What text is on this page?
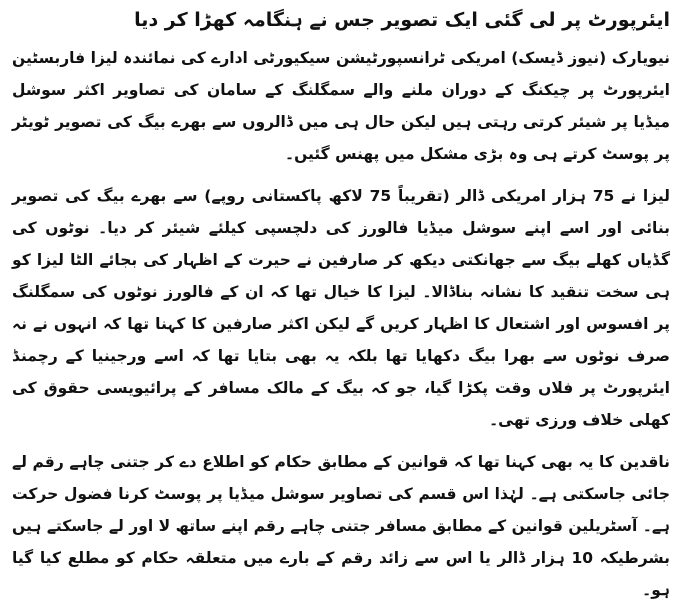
ایئرپورٹ پر لی گئی ایک تصویر جس نے ہنگامہ کھڑا کر دیا

نیویارک (نیوز ڈیسک) امریکی ٹرانسپورٹیشن سیکیورٹی ادارے کی نمائندہ لیزا فاربسٹین ایئرپورٹ پر چیکنگ کے دوران ملنے والے سمگلنگ کے سامان کی تصاویر اکثر سوشل میڈیا پر شیئر کرتی رہتی ہیں لیکن حال ہی میں ڈالروں سے بھرے بیگ کی تصویر ٹویٹر پر پوسٹ کرتے ہی وہ بڑی مشکل میں پھنس گئیں۔

لیزا نے 75 ہزار امریکی ڈالر (تقریباً 75 لاکھ پاکستانی روپے) سے بھرے بیگ کی تصویر بنائی اور اسے اپنے سوشل میڈیا فالورز کی دلچسپی کیلئے شیئر کر دیا۔ نوٹوں کی گڈیاں کھلے بیگ سے جھانکتی دیکھ کر صارفین نے حیرت کے اظہار کی بجائے الٹا لیزا کو ہی سخت تنقید کا نشانہ بناڈالا۔ لیزا کا خیال تھا کہ ان کے فالورز نوٹوں کی سمگلنگ پر افسوس اور اشتعال کا اظہار کریں گے لیکن اکثر صارفین کا کہنا تھا کہ انہوں نے نہ صرف نوٹوں سے بھرا بیگ دکھایا تھا بلکہ یہ بھی بتایا تھا کہ اسے ورجینیا کے رچمنڈ ایئرپورٹ پر فلاں وقت پکڑا گیا، جو کہ بیگ کے مالک مسافر کے پرائیویسی حقوق کی کھلی خلاف ورزی تھی۔

ناقدین کا یہ بھی کہنا تھا کہ قوانین کے مطابق حکام کو اطلاع دے کر جتنی چاہے رقم لے جائی جاسکتی ہے۔ لہٰذا اس قسم کی تصاویر سوشل میڈیا پر پوسٹ کرنا فضول حرکت ہے۔ آسٹریلین قوانین کے مطابق مسافر جتنی چاہے رقم اپنے ساتھ لا اور لے جاسکتے ہیں بشرطیکہ 10 ہزار ڈالر یا اس سے زائد رقم کے بارے میں متعلقہ حکام کو مطلع کیا گیا ہو۔
